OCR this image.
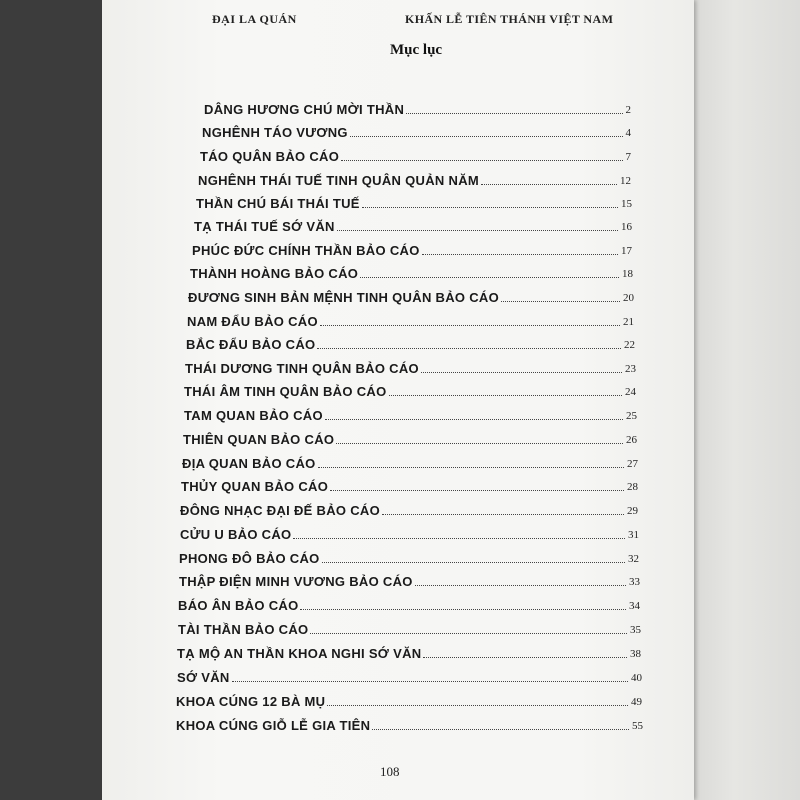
ĐẠI LA QUÁN	KHẤN LỄ TIÊN THÁNH VIỆT NAM
Mục lục
DÂNG HƯƠNG CHÚ MỜI THẦN	2
NGHÊNH TÁO VƯƠNG	4
TÁO QUÂN BẢO CÁO	7
NGHÊNH THÁI TUẾ TINH QUÂN QUẢN NĂM	12
THẦN CHÚ BÁI THÁI TUẾ	15
TẠ THÁI TUẾ SỚ VĂN	16
PHÚC ĐỨC CHÍNH THẦN BẢO CÁO	17
THÀNH HOÀNG BẢO CÁO	18
ĐƯƠNG SINH BẢN MỆNH TINH QUÂN BẢO CÁO	20
NAM ĐẨU BẢO CÁO	21
BẮC ĐẨU BẢO CÁO	22
THÁI DƯƠNG TINH QUÂN BẢO CÁO	23
THÁI ÂM TINH QUÂN BẢO CÁO	24
TAM QUAN BẢO CÁO	25
THIÊN QUAN BẢO CÁO	26
ĐỊA QUAN BẢO CÁO	27
THỦY QUAN BẢO CÁO	28
ĐÔNG NHẠC ĐẠI ĐẾ BẢO CÁO	29
CỬU U BẢO CÁO	31
PHONG ĐÔ BẢO CÁO	32
THẬP ĐIỆN MINH VƯƠNG BẢO CÁO	33
BÁO ÂN BẢO CÁO	34
TÀI THẦN BẢO CÁO	35
TẠ MỘ AN THẦN KHOA NGHI SỚ VĂN	38
SỚ VĂN	40
KHOA CÚNG 12 BÀ MỤ	49
KHOA CÚNG GIỖ LỄ GIA TIÊN	55
108
